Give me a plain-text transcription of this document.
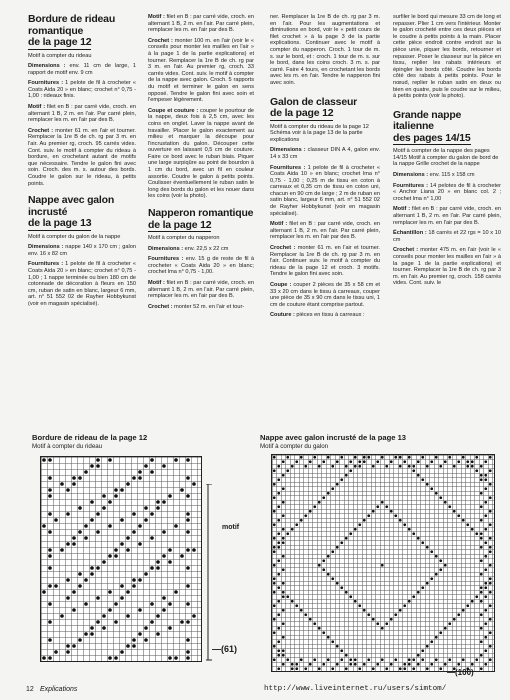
Bordure de rideau
romantique
de la page 12

Motif à compter du rideau

Dimensions : env. 11 cm de large, 1 rapport de motif env. 9 cm

Fournitures : 1 pelote de fil à crocheter « Coats Aida 20 » en blanc; crochet n° 0,75 - 1,00 : rideaux finis.

Motif : filet en B : par carré vide, croch. en alternant 1 B, 2 m. en l'air. Par carré plein, remplacer les m. en l'air par des B.

Crochet : monter 61 m. en l'air et tourner. Remplacer la 1re B de ch. rg par 3 m. en l'air. Au premier rg, croch. 95 carrés vides. Cont. suiv. le motif à compter du rideau à bordure, en crochetant autant de motifs que nécessaire. Tendre le galon fini avec soin. Croch. des m. s. autour des bords. Coudre le galon sur le rideau, à petits points.

Nappe avec galon
incrusté
de la page 13

Motif à compter du galon de la nappe

Dimensions : nappe 140 x 170 cm ; galon env. 16 x 82 cm

Fournitures : 1 pelote de fil à crocheter « Coats Aida 20 » en blanc; crochet n° 0,75 - 1,00 ; 1 nappe terminée ou bien 180 cm de cotonnade de décoration à fleurs en 150 cm, ruban de satin en blanc, largeur 6 mm, art. n° 51 552 02 de Rayher Hobbykunst (voir en magasin spécialisé).

Motif : filet en B : par carré vide, croch. en alternant 1 B, 2 m. en l'air. Par carré plein, remplacer les m. en l'air par des B.

Crochet : monter 100 m. en l'air (voir le « conseils pour monter les mailles en l'air » à la page 1 de la partie explications) et tourner. Remplacer la 1re B de ch. rg par 3 m. en l'air. Au premier rg, croch. 33 carrés vides. Cont. suiv. le motif à compter de la nappe avec galon. Croch. 5 rapports du motif et terminer le galon en sens opposé. Tendre le galon fini avec soin et l'empeser légèrement.

Coupe et couture : couper le pourtour de la nappe, deux fois à 2,5 cm, avec les coins en onglet. Laver la nappe avant de travailler. Placer le galon exactement au milieu et marquer la découpe pour l'incrustation du galon. Découper cette ouverture en laissant 0,5 cm de couture. Faire ce bord avec le ruban biais. Piquer une large surpiqûre au point de bourdon à 1 cm du bord, avec un fil en couleur assortie. Coudre le galon à petits points. Coulisser éventuellement le ruban satin le long des bords du galon et les nouer dans les coins (voir la photo).

Napperon romantique
de la page 12

Motif à compter du napperon

Dimensions : env. 22,5 x 22 cm

Fournitures : env. 15 g de reste de fil à crocheter « Coats Aida 20 » en blanc; crochet lma n° 0,75 - 1,00.

Motif : filet en B : par carré vide, croch. en alternant 1 B, 2 m. en l'air. Par carré plein, remplacer les m. en l'air par des B.

Crochet : monter 52 m. en l'air et tour-

ner. Remplacer la 1re B de ch. rg par 3 m. en l'air. Pour les augmentations et diminutions en bord, voir le « petit cours de filet crochet » à la page 3 de la partie explications. Continuer avec le motif à compter du napperon. Croch. 1 tour de m. s. sur le bord, et : croch. 1 tour de m. s. sur le bord, dans les coins croch. 3 m. s. par carré. Faire 4 tours, en crochetant les bords avec les m. en l'air. Tendre le napperon fini avec soin.

Galon de classeur
de la page 12

Motif à compter du rideau de la page 12 Schéma voir à la page 13 de la partie explications

Dimensions : classeur DIN A 4, galon env. 14 x 33 cm

Fournitures : 1 pelote de fil à crocheter « Coats Aida 10 » en blanc; crochet lma n° 0,75 - 1,00 ; 0,25 m de tissu en coton à carreaux et 0,35 cm de tissu en coton uni, chacun en 90 cm de large ; 2 m de ruban en satin blanc, largeur 6 mm, art. n° 51 552 02 de Rayher Hobbykunst (voir en magasin spécialisé).

Motif : filet en B : par carré vide, croch. en alternant 1 B, 2 m. en l'air. Par carré plein, remplacer les m. en l'air par des B.

Crochet : monter 61 m. en l'air et tourner. Remplacer la 1re B de ch. rg par 3 m. en l'air. Continuer suiv. le motif à compter du rideau de la page 12 et croch. 3 motifs. Tendre le galon fini avec soin.

Coupe : couper 2 pièces de 35 x 58 cm et 33 x 20 cm dans le tissu à carreaux, couper une pièce de 35 x 90 cm dans le tissu uni, 1 cm de couture étant comprise partout.

Couture : pièces en tissu à carreaux :

surfiler le bord qui mesure 33 cm de long et repasser. Plier 1 cm vers l'intérieur. Monter le galon crocheté entre ces deux pièces et le coudre à petits points à la main. Placer cette pièce endroit contre endroit sur la pièce unie, piquer les bords, retourner et repasser. Poser le classeur sur la pièce en tissu, replier les rabats intérieurs et épingler les bords côté. Coudre les bords côté des rabats à petits points. Pour le nœud, replier le ruban satin en deux ou bien en quatre, puis le coudre sur le milieu, à petits points (voir la photo).

Grande nappe
italienne
des pages 14/15

Motif à compter de la nappe des pages 14/15 Motif à compter du galon de bord de la nappe Grille crochet de la nappe

Dimensions : env. 115 x 158 cm

Fournitures : 14 pelotes de fil à crocheter « Anchor Liana 20 » en blanc col. 2 ; crochet lma n° 1,00

Motif : filet en B : par carré vide, croch. en alternant 1 B, 2 m. en l'air. Par carré plein, remplacer les m. en l'air par des B.

Échantillon : 18 carrés et 22 rgs = 10 x 10 cm

Crochet : monter 475 m. en l'air (voir le « conseils pour monter les mailles en l'air » à la page 1 de la partie explications) et tourner. Remplacer la 1re B de ch. rg par 3 m. en l'air. Au premier rg, croch. 158 carrés vides. Cont. suiv. le

Bordure de rideau de la page 12
Motif à compter du rideau
motif
—(61)
Nappe avec galon incrusté de la page 13
Motif à compter du galon
—(100)
12 Explications	http://www.liveinternet.ru/users/simtom/
